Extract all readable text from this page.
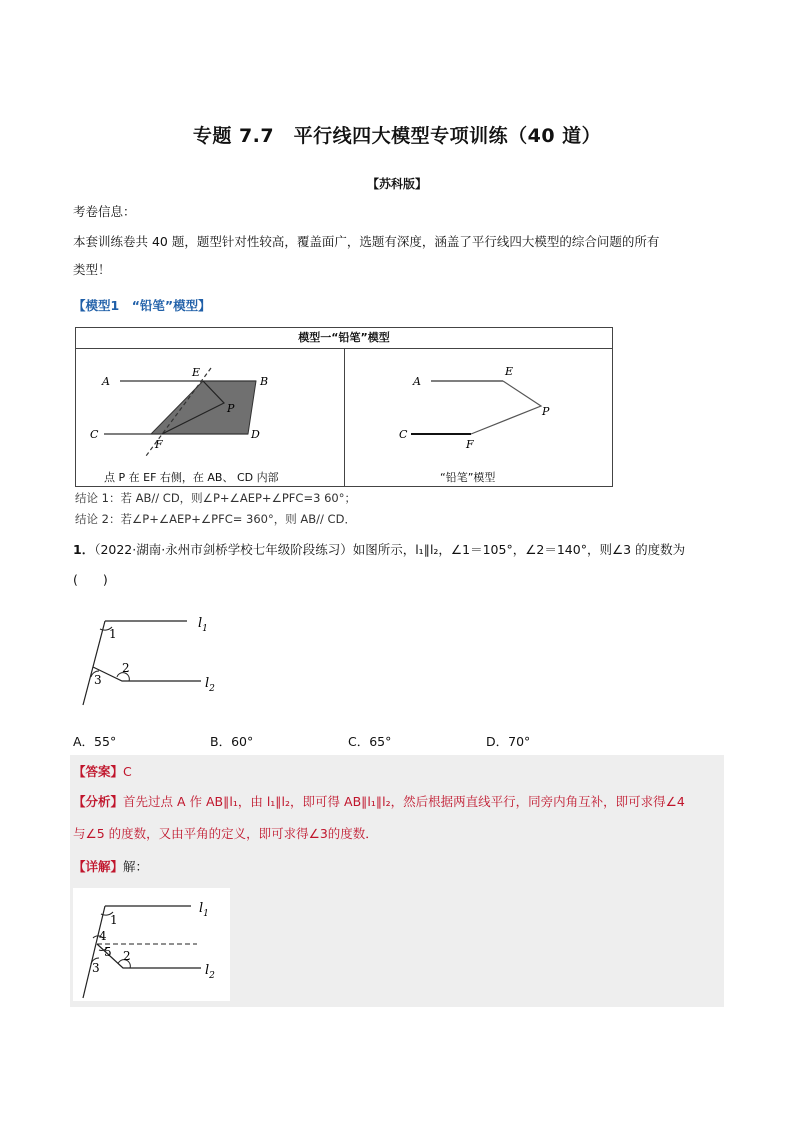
专题 7.7　平行线四大模型专项训练（40 道）
【苏科版】
考卷信息：
本套训练卷共 40 题，题型针对性较高，覆盖面广，选题有深度，涵盖了平行线四大模型的综合问题的所有
类型！
【模型1　“铅笔”模型】
模型一“铅笔”模型
A	B
C	D
E
F
P
点 P 在 EF 右侧，在 AB、 CD 内部
A
E
P
C
F
“铅笔”模型
结论 1：若 AB// CD，则∠P+∠AEP+∠PFC=3 60°；
结论 2：若∠P+∠AEP+∠PFC= 360°，则 AB// CD．
1．（2022·湖南·永州市剑桥学校七年级阶段练习）如图所示，l₁∥l₂，∠1＝105°，∠2＝140°，则∠3 的度数为
(　　)
1
2
3
$l_1$
$l_2$
A．55°	B．60°	C．65°	D．70°
【答案】C
【分析】首先过点 A 作 AB∥l₁，由 l₁∥l₂，即可得 AB∥l₁∥l₂，然后根据两直线平行，同旁内角互补，即可求得∠4
与∠5 的度数，又由平角的定义，即可求得∠3的度数．
【详解】解：
1
4
5 2
3
$l_1$
$l_2$
